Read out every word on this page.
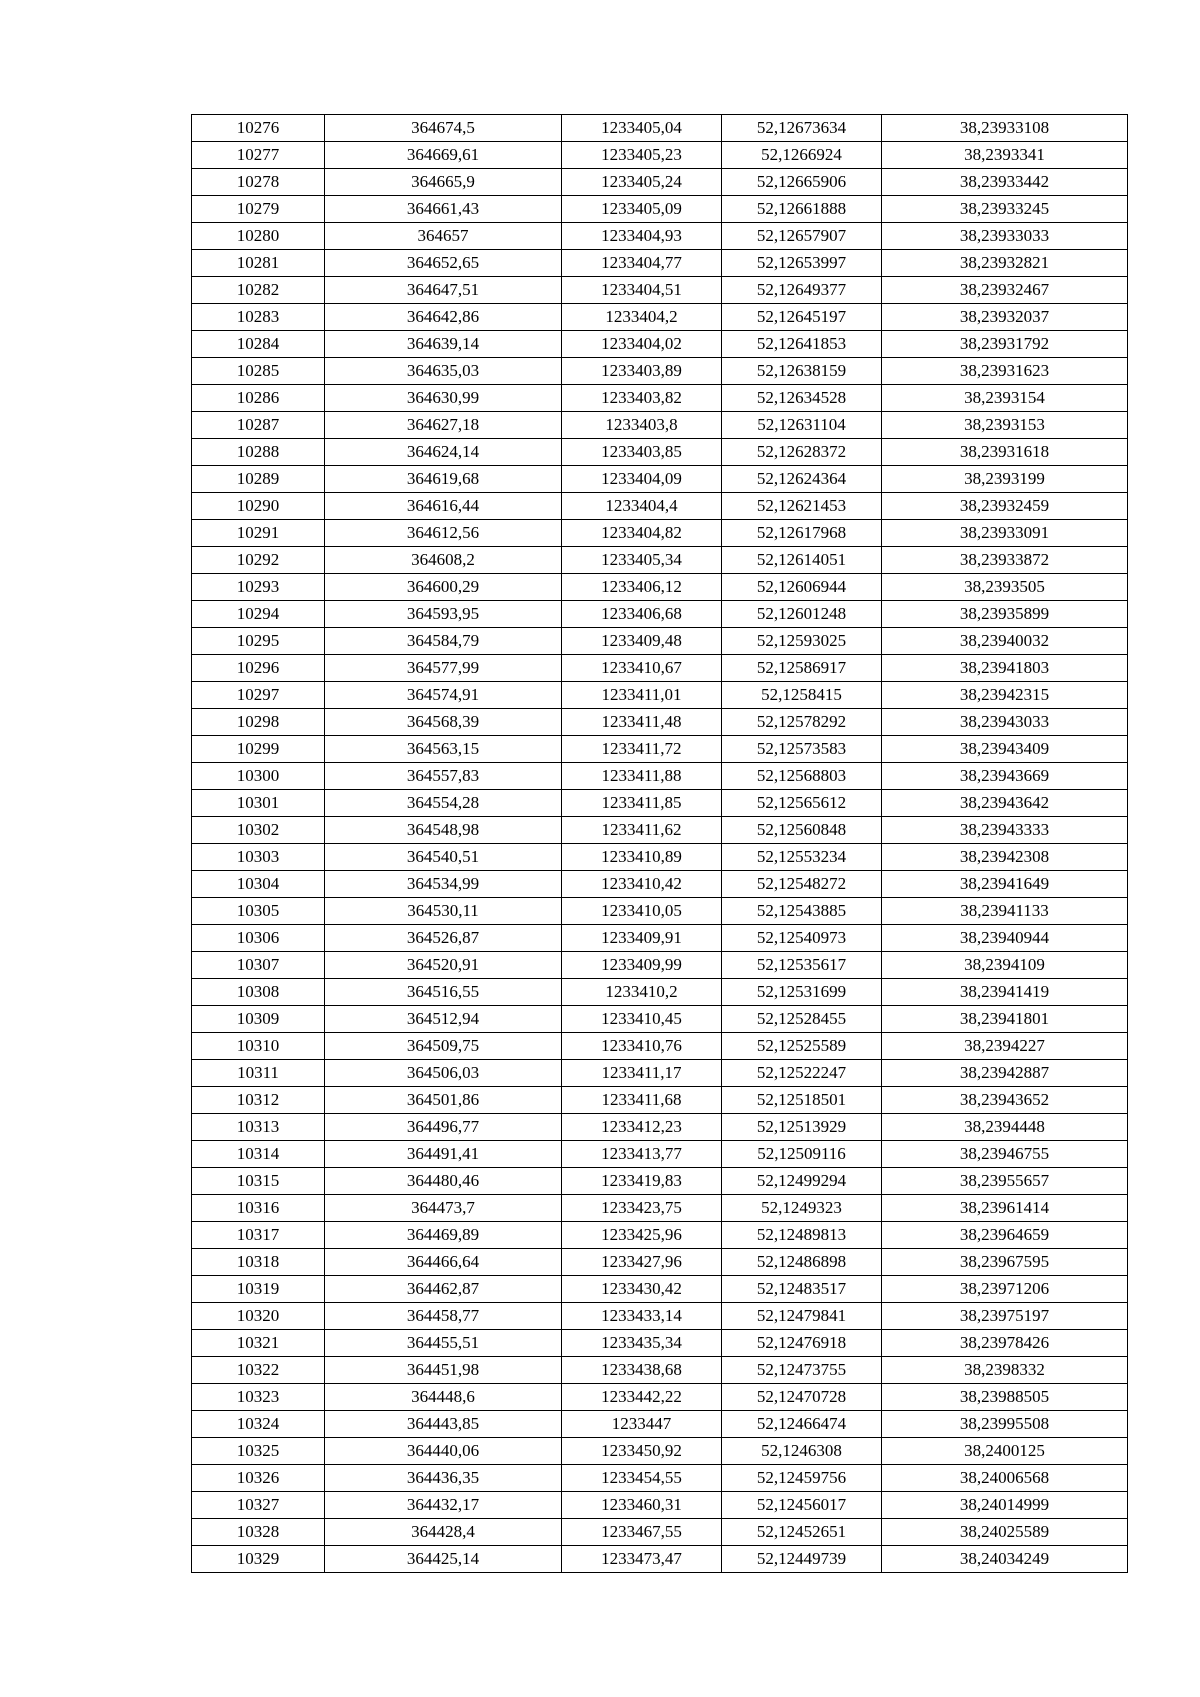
10276	364674,5	1233405,04	52,12673634	38,23933108
10277	364669,61	1233405,23	52,1266924	38,2393341
10278	364665,9	1233405,24	52,12665906	38,23933442
10279	364661,43	1233405,09	52,12661888	38,23933245
10280	364657	1233404,93	52,12657907	38,23933033
10281	364652,65	1233404,77	52,12653997	38,23932821
10282	364647,51	1233404,51	52,12649377	38,23932467
10283	364642,86	1233404,2	52,12645197	38,23932037
10284	364639,14	1233404,02	52,12641853	38,23931792
10285	364635,03	1233403,89	52,12638159	38,23931623
10286	364630,99	1233403,82	52,12634528	38,2393154
10287	364627,18	1233403,8	52,12631104	38,2393153
10288	364624,14	1233403,85	52,12628372	38,23931618
10289	364619,68	1233404,09	52,12624364	38,2393199
10290	364616,44	1233404,4	52,12621453	38,23932459
10291	364612,56	1233404,82	52,12617968	38,23933091
10292	364608,2	1233405,34	52,12614051	38,23933872
10293	364600,29	1233406,12	52,12606944	38,2393505
10294	364593,95	1233406,68	52,12601248	38,23935899
10295	364584,79	1233409,48	52,12593025	38,23940032
10296	364577,99	1233410,67	52,12586917	38,23941803
10297	364574,91	1233411,01	52,1258415	38,23942315
10298	364568,39	1233411,48	52,12578292	38,23943033
10299	364563,15	1233411,72	52,12573583	38,23943409
10300	364557,83	1233411,88	52,12568803	38,23943669
10301	364554,28	1233411,85	52,12565612	38,23943642
10302	364548,98	1233411,62	52,12560848	38,23943333
10303	364540,51	1233410,89	52,12553234	38,23942308
10304	364534,99	1233410,42	52,12548272	38,23941649
10305	364530,11	1233410,05	52,12543885	38,23941133
10306	364526,87	1233409,91	52,12540973	38,23940944
10307	364520,91	1233409,99	52,12535617	38,2394109
10308	364516,55	1233410,2	52,12531699	38,23941419
10309	364512,94	1233410,45	52,12528455	38,23941801
10310	364509,75	1233410,76	52,12525589	38,2394227
10311	364506,03	1233411,17	52,12522247	38,23942887
10312	364501,86	1233411,68	52,12518501	38,23943652
10313	364496,77	1233412,23	52,12513929	38,2394448
10314	364491,41	1233413,77	52,12509116	38,23946755
10315	364480,46	1233419,83	52,12499294	38,23955657
10316	364473,7	1233423,75	52,1249323	38,23961414
10317	364469,89	1233425,96	52,12489813	38,23964659
10318	364466,64	1233427,96	52,12486898	38,23967595
10319	364462,87	1233430,42	52,12483517	38,23971206
10320	364458,77	1233433,14	52,12479841	38,23975197
10321	364455,51	1233435,34	52,12476918	38,23978426
10322	364451,98	1233438,68	52,12473755	38,2398332
10323	364448,6	1233442,22	52,12470728	38,23988505
10324	364443,85	1233447	52,12466474	38,23995508
10325	364440,06	1233450,92	52,1246308	38,2400125
10326	364436,35	1233454,55	52,12459756	38,24006568
10327	364432,17	1233460,31	52,12456017	38,24014999
10328	364428,4	1233467,55	52,12452651	38,24025589
10329	364425,14	1233473,47	52,12449739	38,24034249
